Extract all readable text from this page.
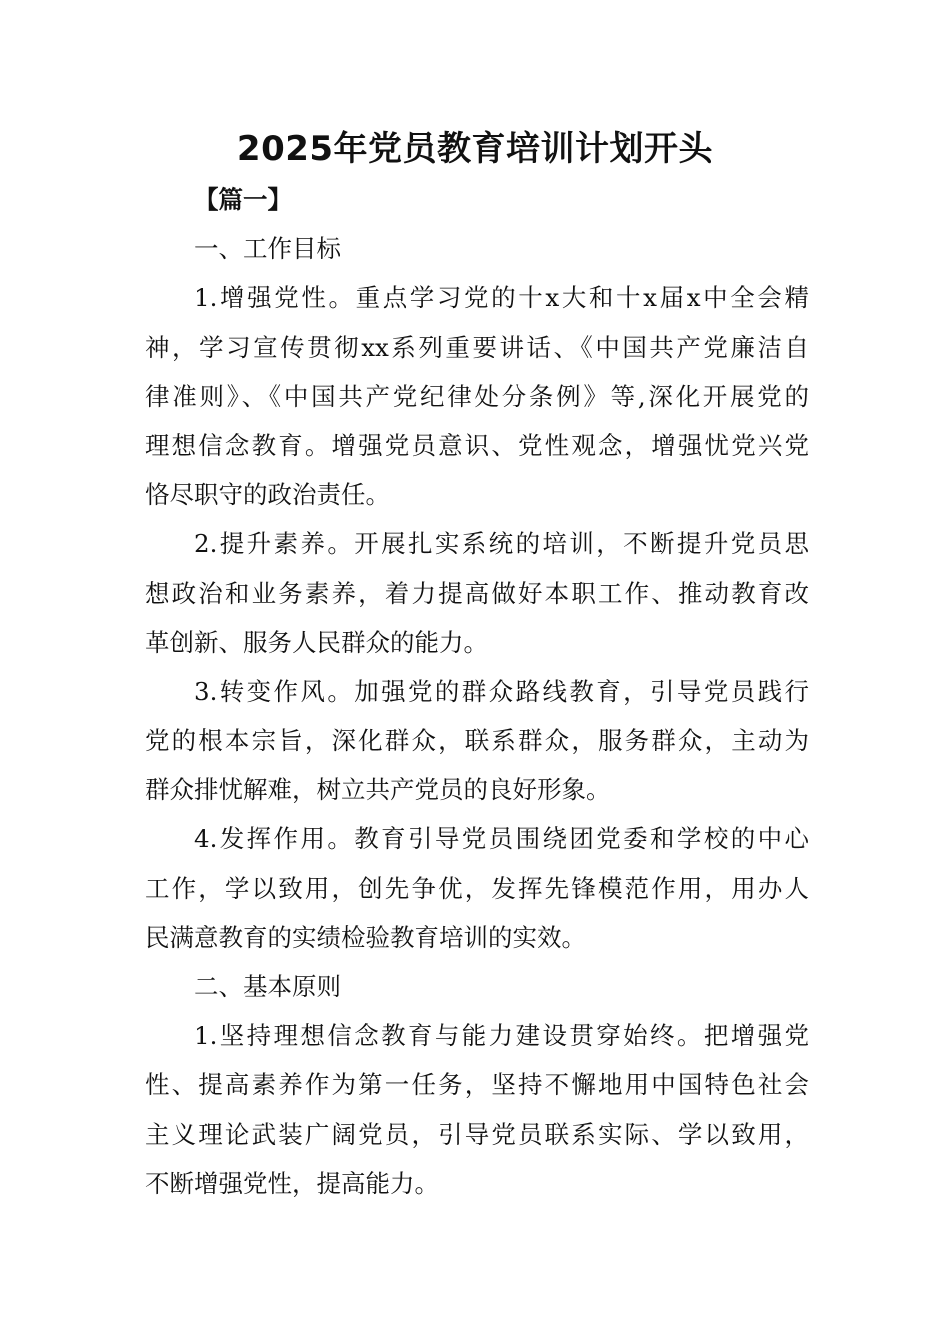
2025年党员教育培训计划开头
【篇一】
一、工作目标
1.增强党性。重点学习党的十x大和十x届x中全会精
神，学习宣传贯彻xx系列重要讲话、《中国共产党廉洁自
律准则》、《中国共产党纪律处分条例》等,深化开展党的
理想信念教育。增强党员意识、党性观念，增强忧党兴党
恪尽职守的政治责任。
2.提升素养。开展扎实系统的培训，不断提升党员思
想政治和业务素养，着力提高做好本职工作、推动教育改
革创新、服务人民群众的能力。
3.转变作风。加强党的群众路线教育，引导党员践行
党的根本宗旨，深化群众，联系群众，服务群众，主动为
群众排忧解难，树立共产党员的良好形象。
4.发挥作用。教育引导党员围绕团党委和学校的中心
工作，学以致用，创先争优，发挥先锋模范作用，用办人
民满意教育的实绩检验教育培训的实效。
二、基本原则
1.坚持理想信念教育与能力建设贯穿始终。把增强党
性、提高素养作为第一任务，坚持不懈地用中国特色社会
主义理论武装广阔党员，引导党员联系实际、学以致用，
不断增强党性，提高能力。
